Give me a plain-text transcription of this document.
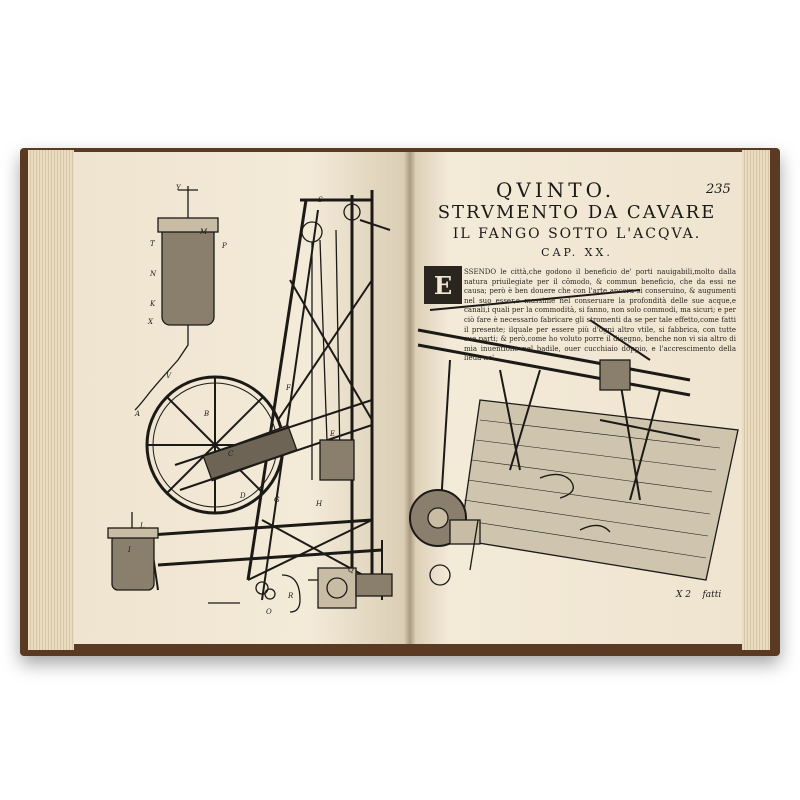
QVINTO.	235
STRVMENTO DA CAVARE
IL FANGO SOTTO L'ACQVA.
CAP. XX.
E	SSENDO le città,che godono il beneficio de' porti nauigabili,molto dalla natura priuilegiate per il cōmodo, & commun beneficio, che da essi ne causa; però è ben douere che con l'arte ancora si conseruino, & augumenti nel suo esser,e massime nel conseruare la profondità delle sue acque,e canali,i quali per la commodità, si fanno, non solo commodi, ma sicuri; e per ciò fare è necessario fabricare gli stromenti da se per tale effetto,come fatti il presente; ilquale per essere più d'ogni altro vtile, si fabbrica, con tutte sue parti; & però,come ho voluto porre il disegno, benche non vi sia altro di mia inuentione nel badile, ouer cucchiaio doppio, e l'accrescimento della lieua ne'
X 2 fatti
Y
S
M
T	P
N
K
X
V
A	B
C
D
E
F
G	H
I
L
R
Q
O
